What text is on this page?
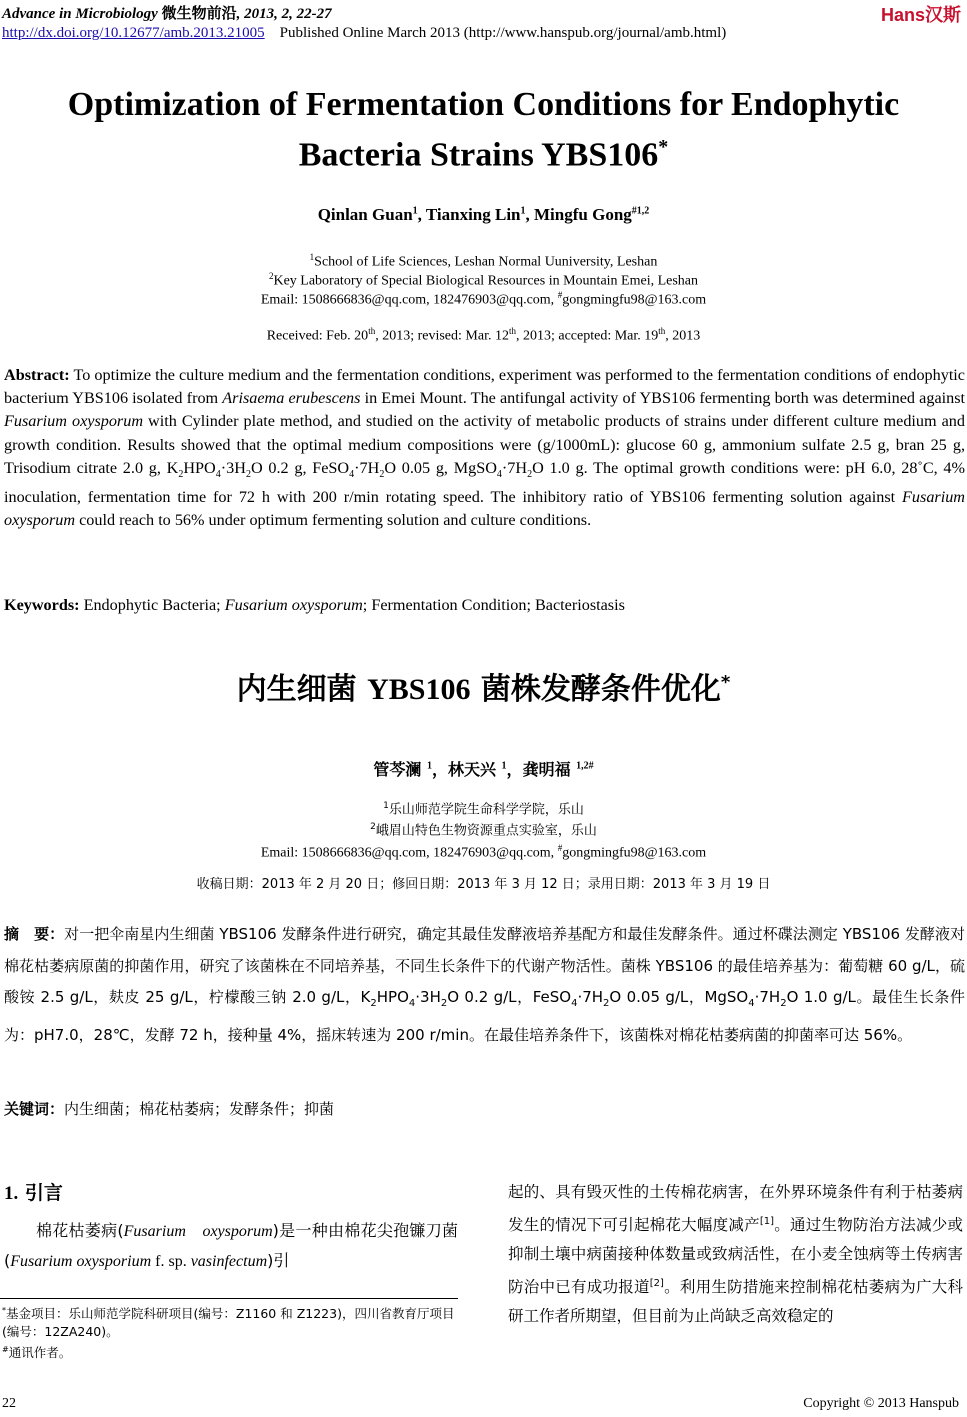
Advance in Microbiology 微生物前沿, 2013, 2, 22-27	Hans汉斯
http://dx.doi.org/10.12677/amb.2013.21005 Published Online March 2013 (http://www.hanspub.org/journal/amb.html)
Optimization of Fermentation Conditions for Endophytic
Bacteria Strains YBS106*
Qinlan Guan$^1$, Tianxing Lin$^1$, Mingfu Gong$^{\#1,2}$
$^1$School of Life Sciences, Leshan Normal Uuniversity, Leshan
$^2$Key Laboratory of Special Biological Resources in Mountain Emei, Leshan
Email: 1508666836@qq.com, 182476903@qq.com, #gongmingfu98@163.com
Received: Feb. 20th, 2013; revised: Mar. 12th, 2013; accepted: Mar. 19th, 2013
Abstract: To optimize the culture medium and the fermentation conditions, experiment was performed to the fermentation conditions of endophytic bacterium YBS106 isolated from Arisaema erubescens in Emei Mount. The antifungal activity of YBS106 fermenting borth was determined against Fusarium oxysporum with Cylinder plate method, and studied on the activity of metabolic products of strains under different culture medium and growth condition. Results showed that the optimal medium compositions were (g/1000mL): glucose 60 g, ammonium sulfate 2.5 g, bran 25 g, Trisodium citrate 2.0 g, $K_2HPO_4\cdot 3H_2O$ 0.2 g, $FeSO_4\cdot 7H_2O$ 0.05 g, $MgSO_4\cdot 7H_2O$ 1.0 g. The optimal growth conditions were: pH 6.0, 28˚C, 4% inoculation, fermentation time for 72 h with 200 r/min rotating speed. The inhibitory ratio of YBS106 fermenting solution against Fusarium oxysporum could reach to 56% under optimum fermenting solution and culture conditions.
Keywords: Endophytic Bacteria; Fusarium oxysporum; Fermentation Condition; Bacteriostasis
内生细菌 YBS106 菌株发酵条件优化*
管芩澜 $^1$，林天兴 $^1$，龚明福 $^{1,2\#}$
$^1$乐山师范学院生命科学学院，乐山
$^2$峨眉山特色生物资源重点实验室，乐山
Email: 1508666836@qq.com, 182476903@qq.com, #gongmingfu98@163.com
收稿日期：2013 年 2 月 20 日；修回日期：2013 年 3 月 12 日；录用日期：2013 年 3 月 19 日
摘　要：对一把伞南星内生细菌 YBS106 发酵条件进行研究，确定其最佳发酵液培养基配方和最佳发酵条件。通过杯碟法测定 YBS106 发酵液对棉花枯萎病原菌的抑菌作用，研究了该菌株在不同培养基，不同生长条件下的代谢产物活性。菌株 YBS106 的最佳培养基为：葡萄糖 60 g/L，硫酸铵 2.5 g/L，麸皮 25 g/L，柠檬酸三钠 2.0 g/L，$K_2HPO_4\cdot 3H_2O$ 0.2 g/L，$FeSO_4\cdot 7H_2O$ 0.05 g/L，$MgSO_4\cdot 7H_2O$ 1.0 g/L。最佳生长条件为：pH7.0，28℃，发酵 72 h，接种量 4%，摇床转速为 200 r/min。在最佳培养条件下，该菌株对棉花枯萎病菌的抑菌率可达 56%。
关键词：内生细菌；棉花枯萎病；发酵条件；抑菌
1. 引言
棉花枯萎病(Fusarium　oxysporum)是一种由棉花尖孢镰刀菌(Fusarium oxysporium f. sp. vasinfectum)引
起的、具有毁灭性的土传棉花病害，在外界环境条件有利于枯萎病发生的情况下可引起棉花大幅度减产[1]。通过生物防治方法减少或抑制土壤中病菌接种体数量或致病活性，在小麦全蚀病等土传病害防治中已有成功报道[2]。利用生防措施来控制棉花枯萎病为广大科研工作者所期望，但目前为止尚缺乏高效稳定的
*基金项目：乐山师范学院科研项目(编号：Z1160 和 Z1223)，四川省教育厅项目(编号：12ZA240)。
#通讯作者。
22	Copyright © 2013 Hanspub
